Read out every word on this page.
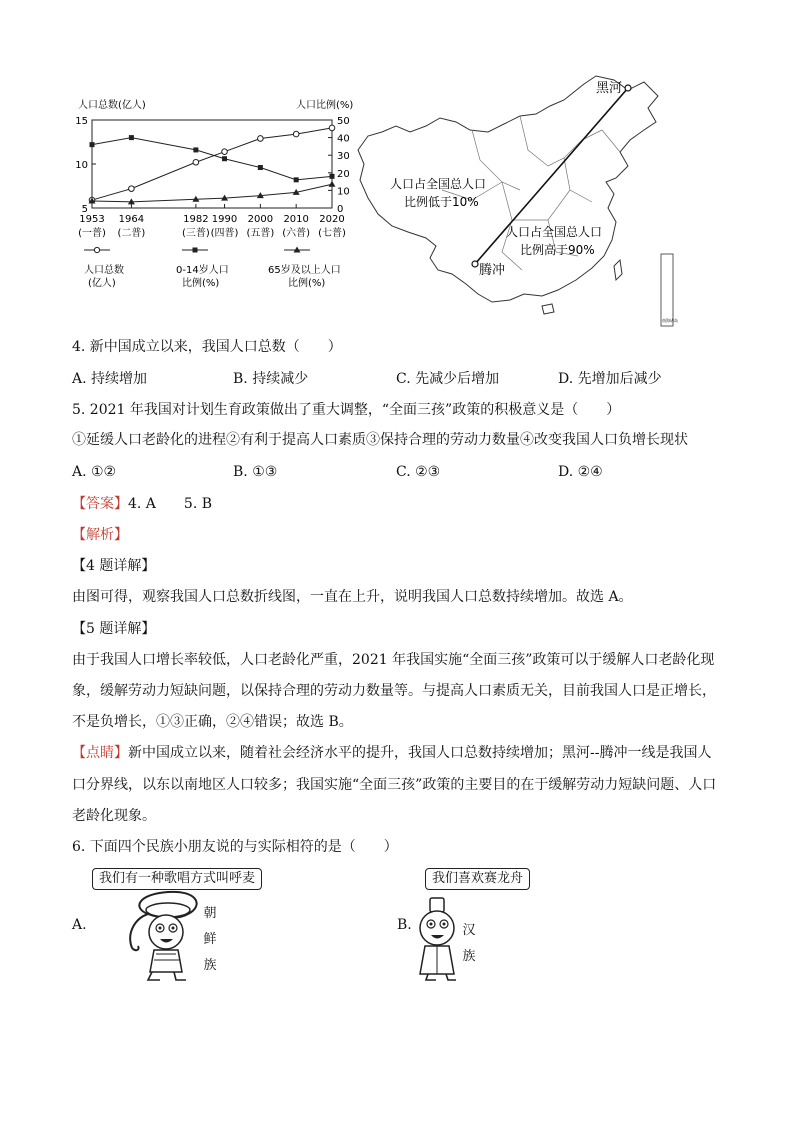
人口总数(亿人)	人口比例(%)
15
10
5
50
40
30
20
10
0
1953
(一普)
1964
(二普)
1982
(三普)
1990
(四普)
2000
(五普)
2010
(六普)
2020
(七普)
人口总数
(亿人)
0-14岁人口
比例(%)
65岁及以上人口
比例(%)
黑河
腾冲
人口占全国总人口
比例低于10%
人口占全国总人口
比例高于90%
南海诸岛
4. 新中国成立以来，我国人口总数（　　）
A. 持续增加	B. 持续减少	C. 先减少后增加	D. 先增加后减少
5. 2021 年我国对计划生育政策做出了重大调整，“全面三孩”政策的积极意义是（　　）
①延缓人口老龄化的进程②有利于提高人口素质③保持合理的劳动力数量④改变我国人口负增长现状
A. ①②	B. ①③	C. ②③	D. ②④
【答案】4. A　　5. B
【解析】
【4 题详解】
由图可得，观察我国人口总数折线图，一直在上升，说明我国人口总数持续增加。故选 A。
【5 题详解】
由于我国人口增长率较低，人口老龄化严重，2021 年我国实施“全面三孩”政策可以于缓解人口老龄化现
象，缓解劳动力短缺问题，以保持合理的劳动力数量等。与提高人口素质无关，目前我国人口是正增长，
不是负增长，①③正确，②④错误；故选 B。
【点睛】新中国成立以来，随着社会经济水平的提升，我国人口总数持续增加；黑河--腾冲一线是我国人
口分界线，以东以南地区人口较多；我国实施“全面三孩”政策的主要目的在于缓解劳动力短缺问题、人口
老龄化现象。
6. 下面四个民族小朋友说的与实际相符的是（　　）
A.
我们有一种歌唱方式叫呼麦
朝
鲜
族
B.
我们喜欢赛龙舟
汉
族
